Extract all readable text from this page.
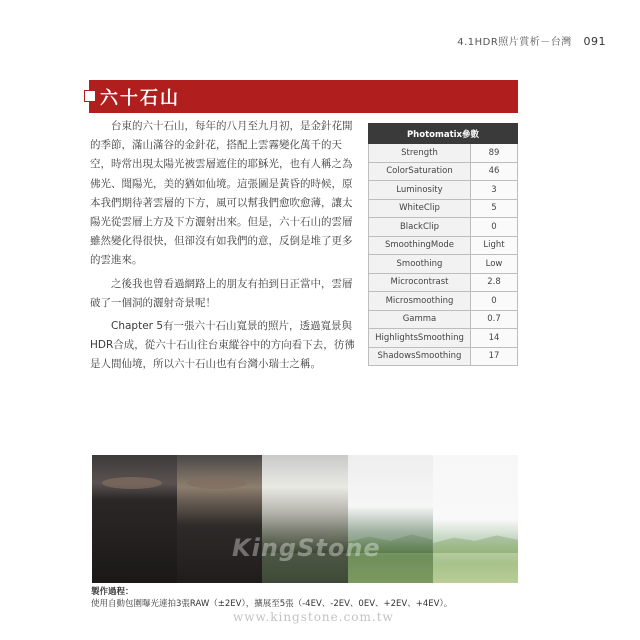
4.1HDR照片賞析－台灣 091
六十石山

台東的六十石山，每年的八月至九月初，是金針花開的季節，滿山滿谷的金針花，搭配上雲霧變化萬千的天空，時常出現太陽光被雲層遮住的耶穌光，也有人稱之為佛光、聞陽光，美的猶如仙境。這張圖是黃昏的時候，原本我們期待著雲層的下方，風可以幫我們愈吹愈薄，讓太陽光從雲層上方及下方灑射出來。但是，六十石山的雲層雖然變化得很快，但卻沒有如我們的意，反倒是堆了更多的雲進來。

之後我也曾看過網路上的朋友有拍到日正當中，雲層破了一個洞的灑射奇景呢！

Chapter 5有一張六十石山寬景的照片，透過寬景與HDR合成，從六十石山往台東縱谷中的方向看下去，彷彿是人間仙境，所以六十石山也有台灣小瑞士之稱。

Photomatix參數	
Strength	89
ColorSaturation	46
Luminosity	3
WhiteClip	5
BlackClip	0
SmoothingMode	Light
Smoothing	Low
Microcontrast	2.8
Microsmoothing	0
Gamma	0.7
HighlightsSmoothing	14
ShadowsSmoothing	17
KingStone
www.kingstone.com.tw
製作過程：
使用自動包圍曝光連拍3張RAW（±2EV），擴展至5張（-4EV、-2EV、0EV、+2EV、+4EV）。
